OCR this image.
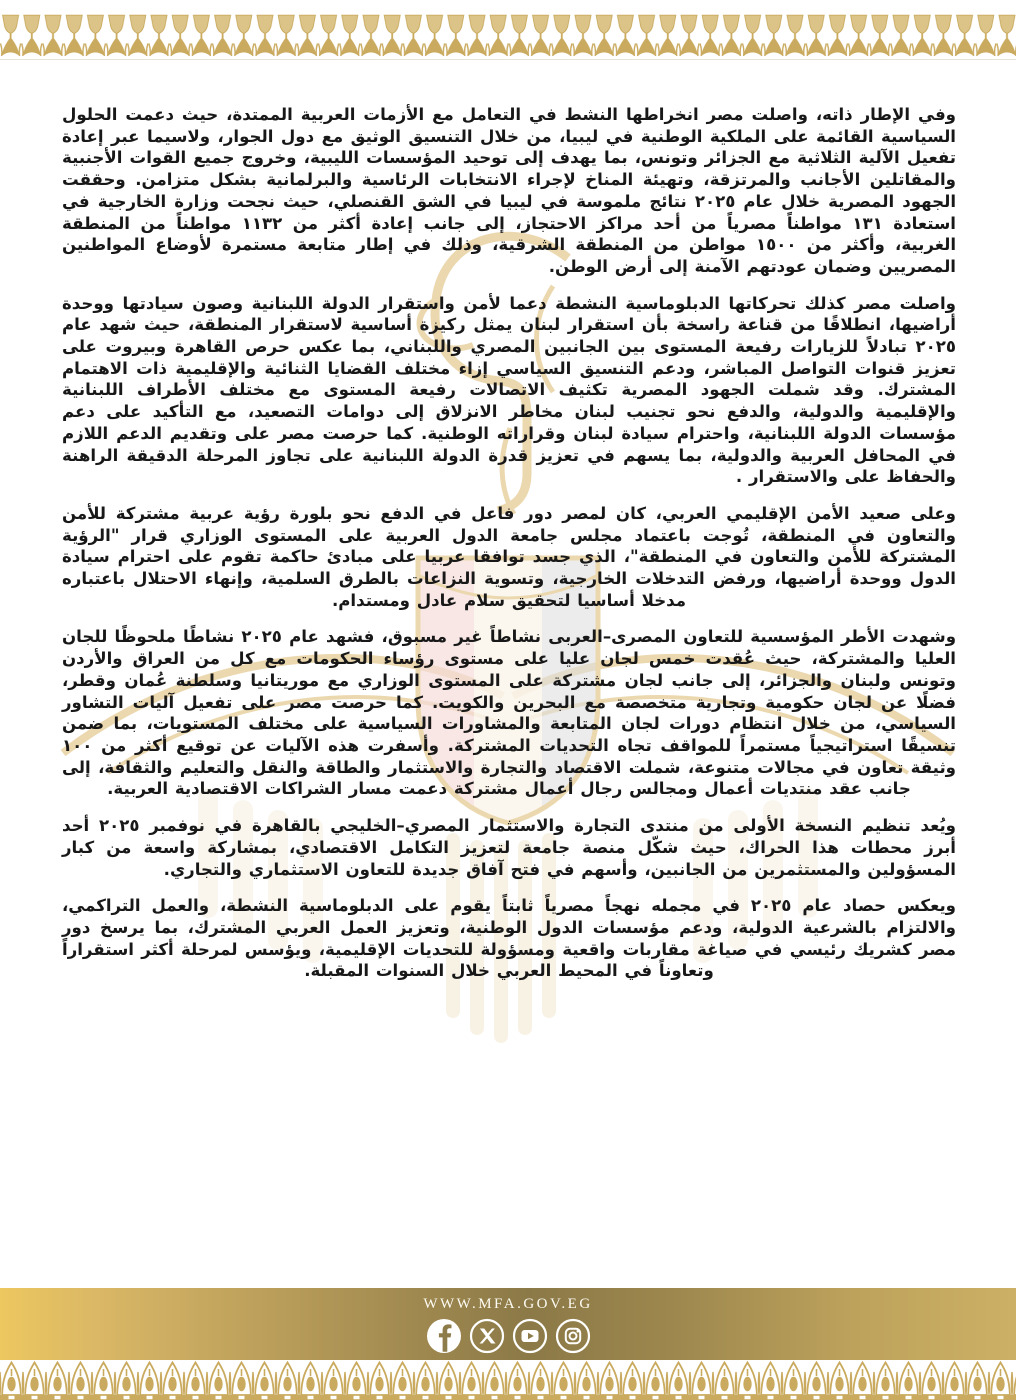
وفي الإطار ذاته، واصلت مصر انخراطها النشط في التعامل مع الأزمات العربية الممتدة، حيث دعمت الحلول السياسية القائمة على الملكية الوطنية في ليبيا، من خلال التنسيق الوثيق مع دول الجوار، ولاسيما عبر إعادة تفعيل الآلية الثلاثية مع الجزائر وتونس، بما يهدف إلى توحيد المؤسسات الليبية، وخروج جميع القوات الأجنبية والمقاتلين الأجانب والمرتزقة، وتهيئة المناخ لإجراء الانتخابات الرئاسية والبرلمانية بشكل متزامن. وحققت الجهود المصرية خلال عام ٢٠٢٥ نتائج ملموسة في ليبيا في الشق القنصلي، حيث نجحت وزارة الخارجية في استعادة ١٣١ مواطناً مصرياً من أحد مراكز الاحتجاز، إلى جانب إعادة أكثر من ١١٣٢ مواطناً من المنطقة الغربية، وأكثر من ١٥٠٠ مواطن من المنطقة الشرقية، وذلك في إطار متابعة مستمرة لأوضاع المواطنين المصريين وضمان عودتهم الآمنة إلى أرض الوطن.

واصلت مصر كذلك تحركاتها الدبلوماسية النشطة دعما لأمن واستقرار الدولة اللبنانية وصون سيادتها ووحدة أراضيها، انطلاقًا من قناعة راسخة بأن استقرار لبنان يمثل ركيزة أساسية لاستقرار المنطقة، حيث شهد عام ٢٠٢٥ تبادلاً للزيارات رفيعة المستوى بين الجانبين المصري واللبناني، بما عكس حرص القاهرة وبيروت على تعزيز قنوات التواصل المباشر، ودعم التنسيق السياسي إزاء مختلف القضايا الثنائية والإقليمية ذات الاهتمام المشترك. وقد شملت الجهود المصرية تكثيف الاتصالات رفيعة المستوى مع مختلف الأطراف اللبنانية والإقليمية والدولية، والدفع نحو تجنيب لبنان مخاطر الانزلاق إلى دوامات التصعيد، مع التأكيد على دعم مؤسسات الدولة اللبنانية، واحترام سيادة لبنان وقراراته الوطنية. كما حرصت مصر على وتقديم الدعم اللازم في المحافل العربية والدولية، بما يسهم في تعزيز قدرة الدولة اللبنانية على تجاوز المرحلة الدقيقة الراهنة والحفاظ على والاستقرار .

وعلى صعيد الأمن الإقليمي العربي، كان لمصر دور فاعل في الدفع نحو بلورة رؤية عربية مشتركة للأمن والتعاون في المنطقة، تُوجت باعتماد مجلس جامعة الدول العربية على المستوى الوزاري قرار "الرؤية المشتركة للأمن والتعاون في المنطقة"، الذي جسد توافقا عربيا على مبادئ حاكمة تقوم على احترام سيادة الدول ووحدة أراضيها، ورفض التدخلات الخارجية، وتسوية النزاعات بالطرق السلمية، وإنهاء الاحتلال باعتباره مدخلا أساسيا لتحقيق سلام عادل ومستدام.

وشهدت الأطر المؤسسية للتعاون المصرى–العربى نشاطاً غير مسبوق، فشهد عام ٢٠٢٥ نشاطًا ملحوظًا للجان العليا والمشتركة، حيث عُقدت خمس لجان عليا على مستوى رؤساء الحكومات مع كل من العراق والأردن وتونس ولبنان والجزائر، إلى جانب لجان مشتركة على المستوى الوزاري مع موريتانيا وسلطنة عُمان وقطر، فضلًا عن لجان حكومية وتجارية متخصصة مع البحرين والكويت. كما حرصت مصر على تفعيل آليات التشاور السياسي، من خلال انتظام دورات لجان المتابعة والمشاورات السياسية على مختلف المستويات، بما ضمن تنسيقًا استراتيجياً مستمراً للمواقف تجاه التحديات المشتركة. وأسفرت هذه الآليات عن توقيع أكثر من ١٠٠ وثيقة تعاون في مجالات متنوعة، شملت الاقتصاد والتجارة والاستثمار والطاقة والنقل والتعليم والثقافة، إلى جانب عقد منتديات أعمال ومجالس رجال أعمال مشتركة دعمت مسار الشراكات الاقتصادية العربية.

ويُعد تنظيم النسخة الأولى من منتدى التجارة والاستثمار المصري–الخليجي بالقاهرة في نوفمبر ٢٠٢٥ أحد أبرز محطات هذا الحراك، حيث شكّل منصة جامعة لتعزيز التكامل الاقتصادي، بمشاركة واسعة من كبار المسؤولين والمستثمرين من الجانبين، وأسهم في فتح آفاق جديدة للتعاون الاستثماري والتجاري.

ويعكس حصاد عام ٢٠٢٥ في مجمله نهجاً مصرياً ثابتاً يقوم على الدبلوماسية النشطة، والعمل التراكمي، والالتزام بالشرعية الدولية، ودعم مؤسسات الدول الوطنية، وتعزيز العمل العربي المشترك، بما يرسخ دور مصر كشريك رئيسي في صياغة مقاربات واقعية ومسؤولة للتحديات الإقليمية، ويؤسس لمرحلة أكثر استقراراً وتعاوناً في المحيط العربي خلال السنوات المقبلة.

WWW.MFA.GOV.EG
